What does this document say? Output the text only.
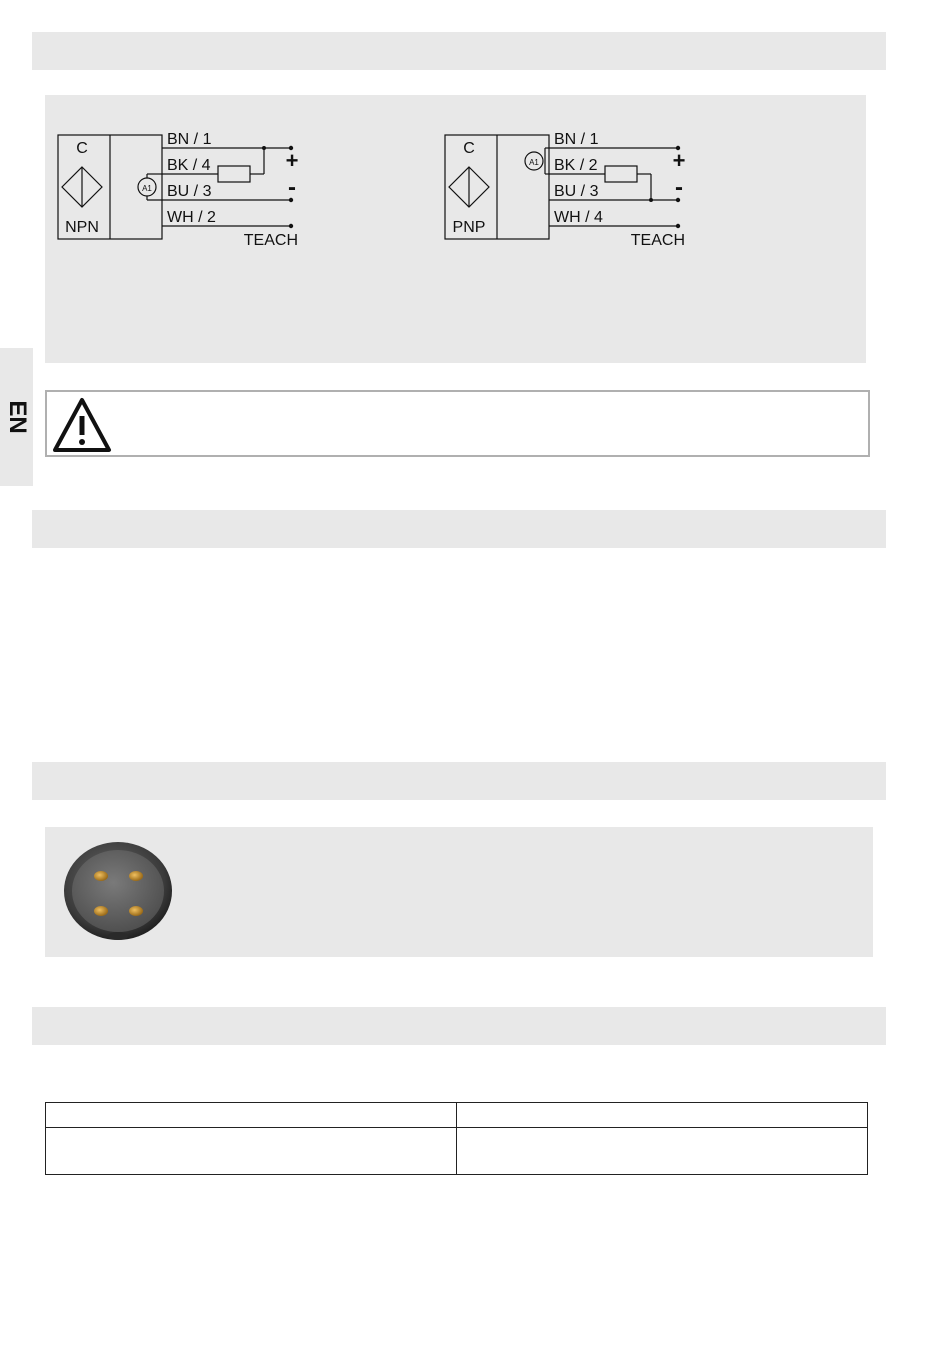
EN
C
NPN
A1
BN / 1
BK / 4
BU / 3
WH / 2
+
-
TEACH
C
PNP
A1
BN / 1
BK / 2
BU / 3
WH / 4
+
-
TEACH
